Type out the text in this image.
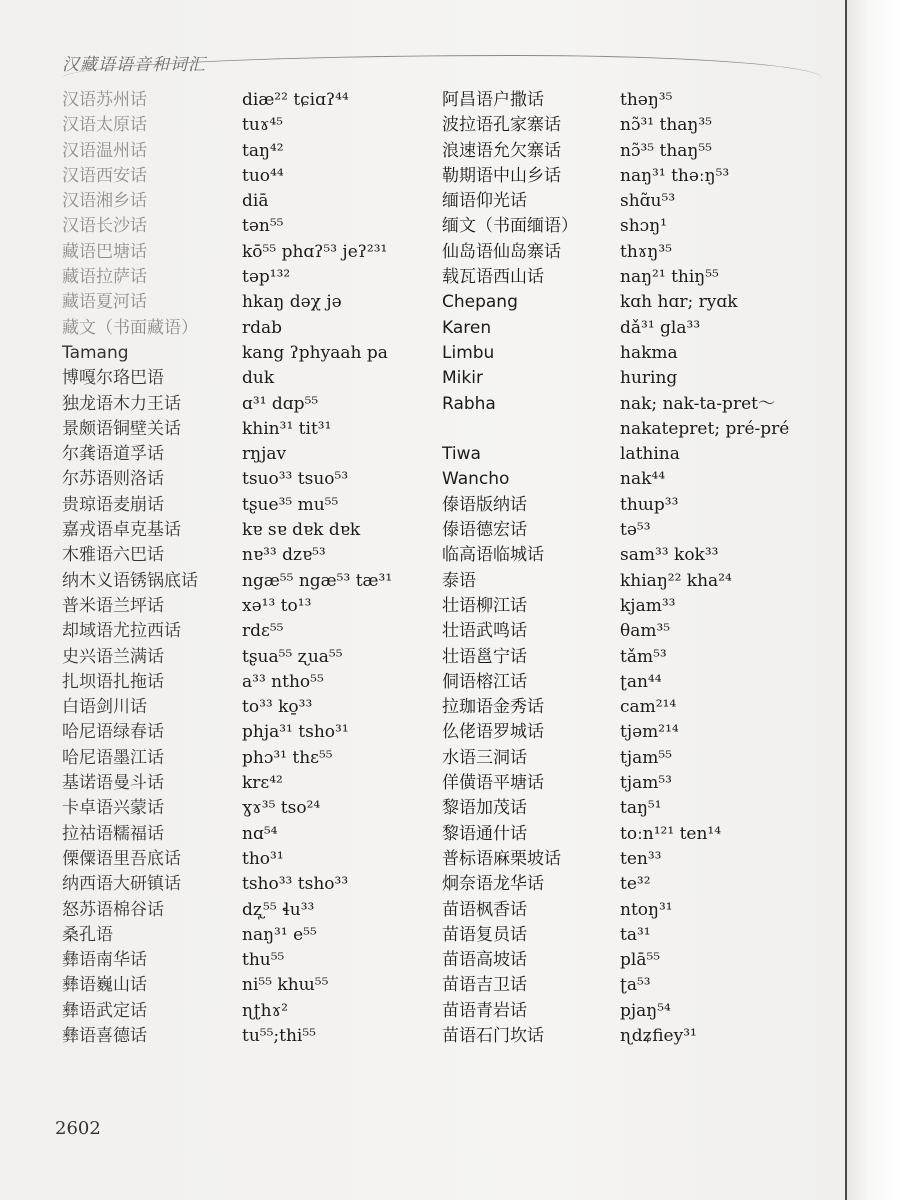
汉藏语语音和词汇
汉语苏州话
汉语太原话
汉语温州话
汉语西安话
汉语湘乡话
汉语长沙话
藏语巴塘话
藏语拉萨话
藏语夏河话
藏文（书面藏语）
Tamang
博嘎尔珞巴语
独龙语木力王话
景颇语铜壁关话
尔龚语道孚话
尔苏语则洛话
贵琼语麦崩话
嘉戎语卓克基话
木雅语六巴话
纳木义语锈锅底话
普米语兰坪话
却域语尤拉西话
史兴语兰满话
扎坝语扎拖话
白语剑川话
哈尼语绿春话
哈尼语墨江话
基诺语曼斗话
卡卓语兴蒙话
拉祜语糯福话
傈僳语里吾底话
纳西语大研镇话
怒苏语棉谷话
桑孔语
彝语南华话
彝语巍山话
彝语武定话
彝语喜德话
diæ²² tɕiɑʔ⁴⁴
tuɤ⁴⁵
taŋ⁴²
tuo⁴⁴
diā
tən⁵⁵
kō⁵⁵ phɑʔ⁵³ jeʔ²³¹
təp¹³²
hkaŋ dəχ jə
rdab
kang ʔphyaah pa
duk
ɑ³¹ dɑp⁵⁵
khin³¹ tit³¹
rŋjav
tsuo³³ tsuo⁵³
tʂue³⁵ mu⁵⁵
kɐ sɐ dɐk dɐk
nɐ³³ dzɐ⁵³
ngæ⁵⁵ ngæ⁵³ tæ³¹
xə¹³ to¹³
rdɛ⁵⁵
tʂua⁵⁵ ʐua⁵⁵
a³³ ntho⁵⁵
to³³ ko̱³³
phja³¹ tsho³¹
phɔ³¹ thɛ⁵⁵
krɛ⁴²
ɣɤ³⁵ tso²⁴
nɑ⁵⁴
tho³¹
tsho³³ tsho³³
dʐ̩⁵⁵ ɬu³³
naŋ³¹ e⁵⁵
thu⁵⁵
ni⁵⁵ khɯ⁵⁵
ɳʈhɤ²
tu⁵⁵;thi⁵⁵
阿昌语户撒话
波拉语孔家寨话
浪速语允欠寨话
勒期语中山乡话
缅语仰光话
缅文（书面缅语）
仙岛语仙岛寨话
载瓦语西山话
Chepang
Karen
Limbu
Mikir
Rabha
Tiwa
Wancho
傣语版纳话
傣语德宏话
临高语临城话
泰语
壮语柳江话
壮语武鸣话
壮语邕宁话
侗语榕江话
拉珈语金秀话
仫佬语罗城话
水语三洞话
佯僙语平塘话
黎语加茂话
黎语通什话
普标语麻栗坡话
炯奈语龙华话
苗语枫香话
苗语复员话
苗语高坡话
苗语吉卫话
苗语青岩话
苗语石门坎话
thəŋ³⁵
nɔ̃³¹ thaŋ³⁵
nɔ̃³⁵ thaŋ⁵⁵
naŋ³¹ thəːŋ⁵³
shɑ̃u⁵³
shɔŋ¹
thɤŋ³⁵
naŋ²¹ thiŋ⁵⁵
kɑh hɑr; ryɑk
dǎ³¹ gla³³
hakma
huring
nak; nak-ta-pret～
nakatepret; pré-pré
lathina
nak⁴⁴
thɯp³³
tə⁵³
sam³³ kok³³
khiaŋ²² kha²⁴
kjam³³
θam³⁵
tǎm⁵³
ʈan⁴⁴
cam²¹⁴
tjəm²¹⁴
tjam⁵⁵
tjam⁵³
taŋ⁵¹
toːn¹²¹ ten¹⁴
ten³³
te³²
ntoŋ³¹
ta³¹
plā⁵⁵
ʈa⁵³
pjaŋ⁵⁴
ɳdʑfiey³¹
2602
